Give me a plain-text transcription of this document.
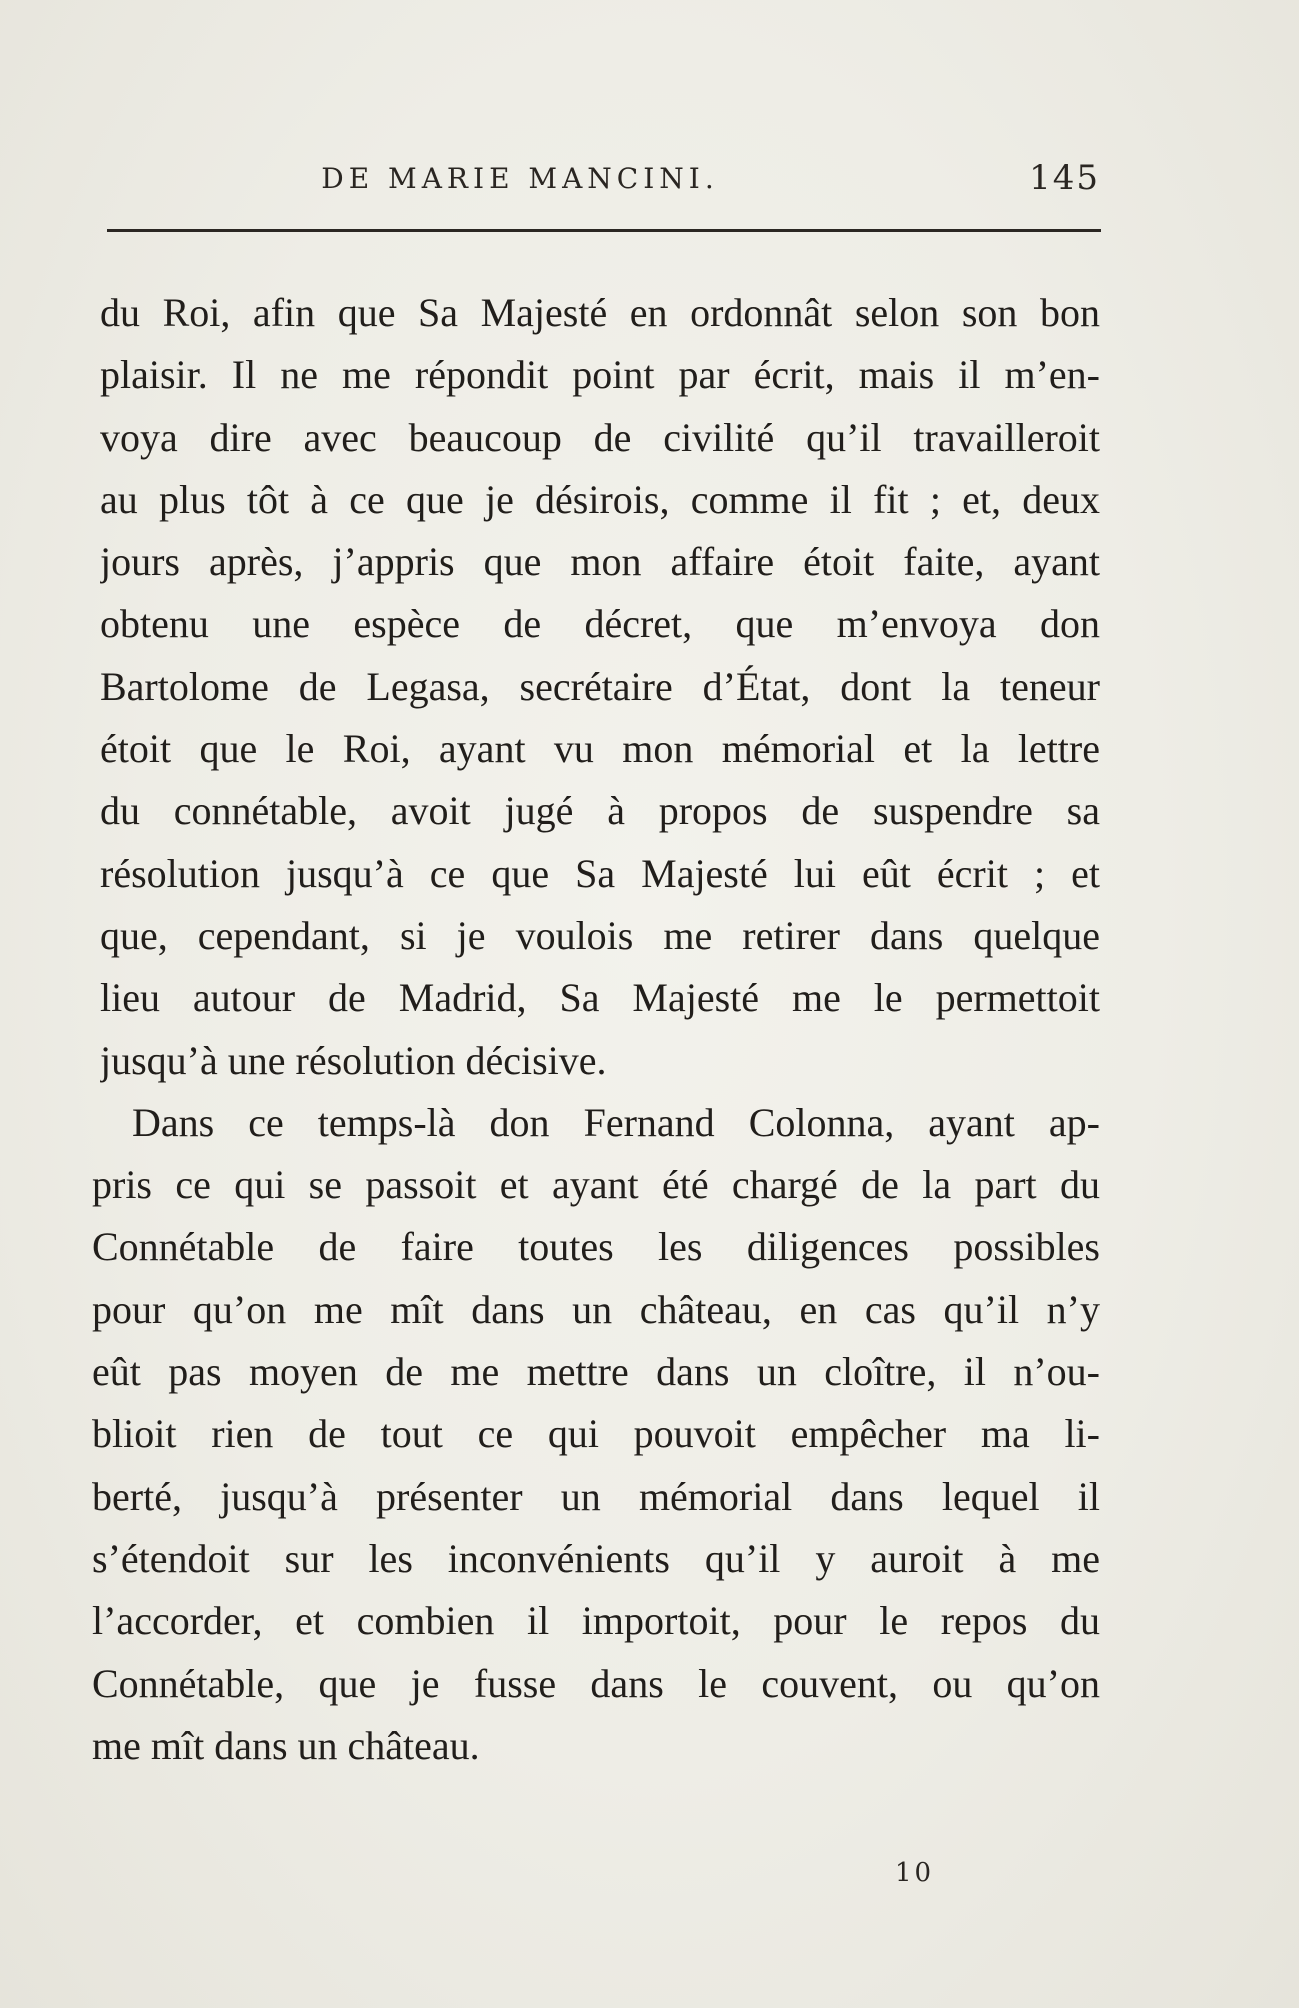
DE MARIE MANCINI.	145

du Roi, afin que Sa Majesté en ordonnât selon son bon
plaisir. Il ne me répondit point par écrit, mais il m’en-
voya dire avec beaucoup de civilité qu’il travailleroit
au plus tôt à ce que je désirois, comme il fit ; et, deux
jours après, j’appris que mon affaire étoit faite, ayant
obtenu une espèce de décret, que m’envoya don
Bartolome de Legasa, secrétaire d’État, dont la teneur
étoit que le Roi, ayant vu mon mémorial et la lettre
du connétable, avoit jugé à propos de suspendre sa
résolution jusqu’à ce que Sa Majesté lui eût écrit ; et
que, cependant, si je voulois me retirer dans quelque
lieu autour de Madrid, Sa Majesté me le permettoit
jusqu’à une résolution décisive.

Dans ce temps-là don Fernand Colonna, ayant ap-
pris ce qui se passoit et ayant été chargé de la part du
Connétable de faire toutes les diligences possibles
pour qu’on me mît dans un château, en cas qu’il n’y
eût pas moyen de me mettre dans un cloître, il n’ou-
blioit rien de tout ce qui pouvoit empêcher ma li-
berté, jusqu’à présenter un mémorial dans lequel il
s’étendoit sur les inconvénients qu’il y auroit à me
l’accorder, et combien il importoit, pour le repos du
Connétable, que je fusse dans le couvent, ou qu’on
me mît dans un château.

10
